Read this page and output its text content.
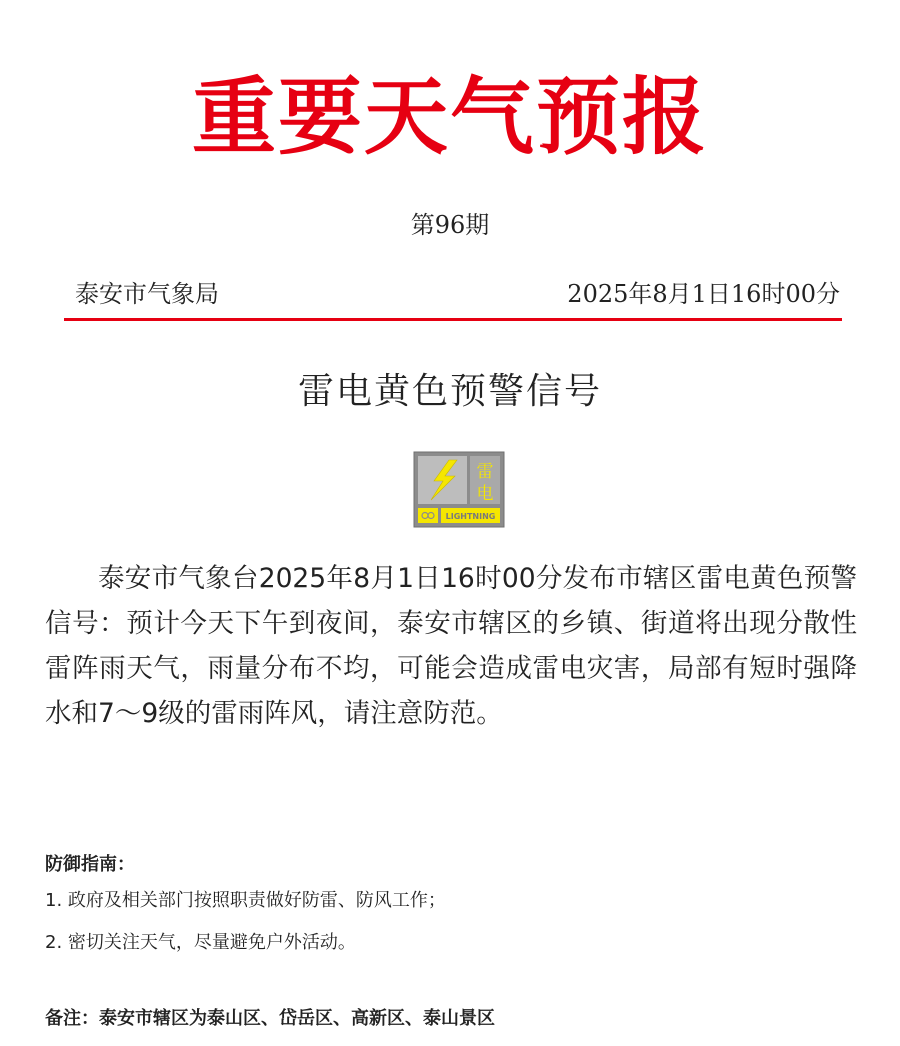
重要天气预报
第96期
泰安市气象局	2025年8月1日16时00分
雷电黄色预警信号
雷
电
LIGHTNING
泰安市气象台2025年8月1日16时00分发布市辖区雷电黄色预警信号：预计今天下午到夜间，泰安市辖区的乡镇、街道将出现分散性雷阵雨天气，雨量分布不均，可能会造成雷电灾害，局部有短时强降水和7～9级的雷雨阵风，请注意防范。
防御指南：
1. 政府及相关部门按照职责做好防雷、防风工作；
2. 密切关注天气，尽量避免户外活动。
备注：泰安市辖区为泰山区、岱岳区、高新区、泰山景区
